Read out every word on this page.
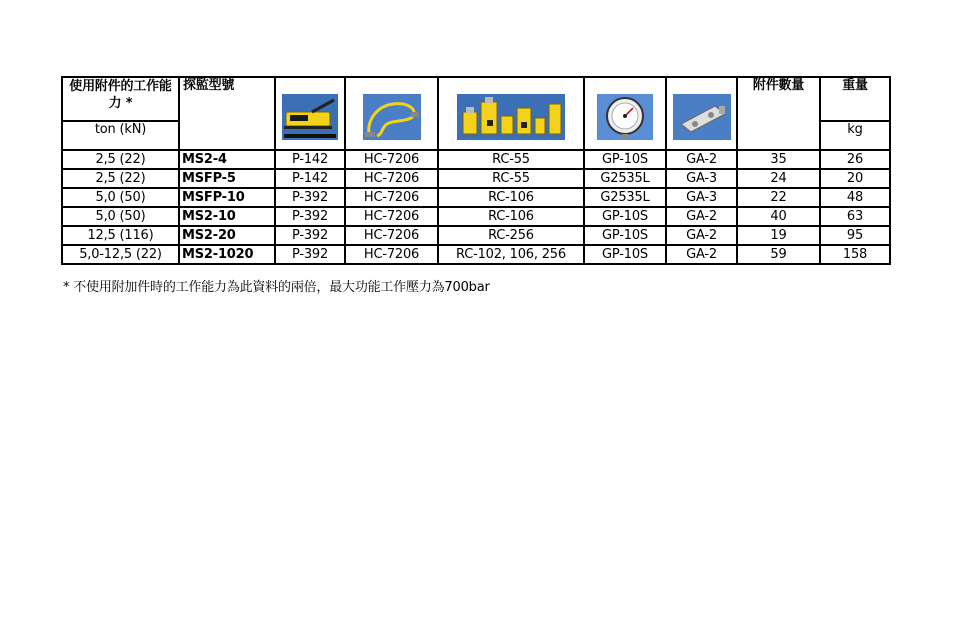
使用附件的工作能力 *	探監型號						附件數量	重量
ton (kN)								kg
2,5 (22)	MS2-4	P-142	HC-7206	RC-55	GP-10S	GA-2	35	26
2,5 (22)	MSFP-5	P-142	HC-7206	RC-55	G2535L	GA-3	24	20
5,0 (50)	MSFP-10	P-392	HC-7206	RC-106	G2535L	GA-3	22	48
5,0 (50)	MS2-10	P-392	HC-7206	RC-106	GP-10S	GA-2	40	63
12,5 (116)	MS2-20	P-392	HC-7206	RC-256	GP-10S	GA-2	19	95
5,0-12,5 (22)	MS2-1020	P-392	HC-7206	RC-102, 106, 256	GP-10S	GA-2	59	158
* 不使用附加件時的工作能力為此資料的兩倍，最大功能工作壓力為700bar
